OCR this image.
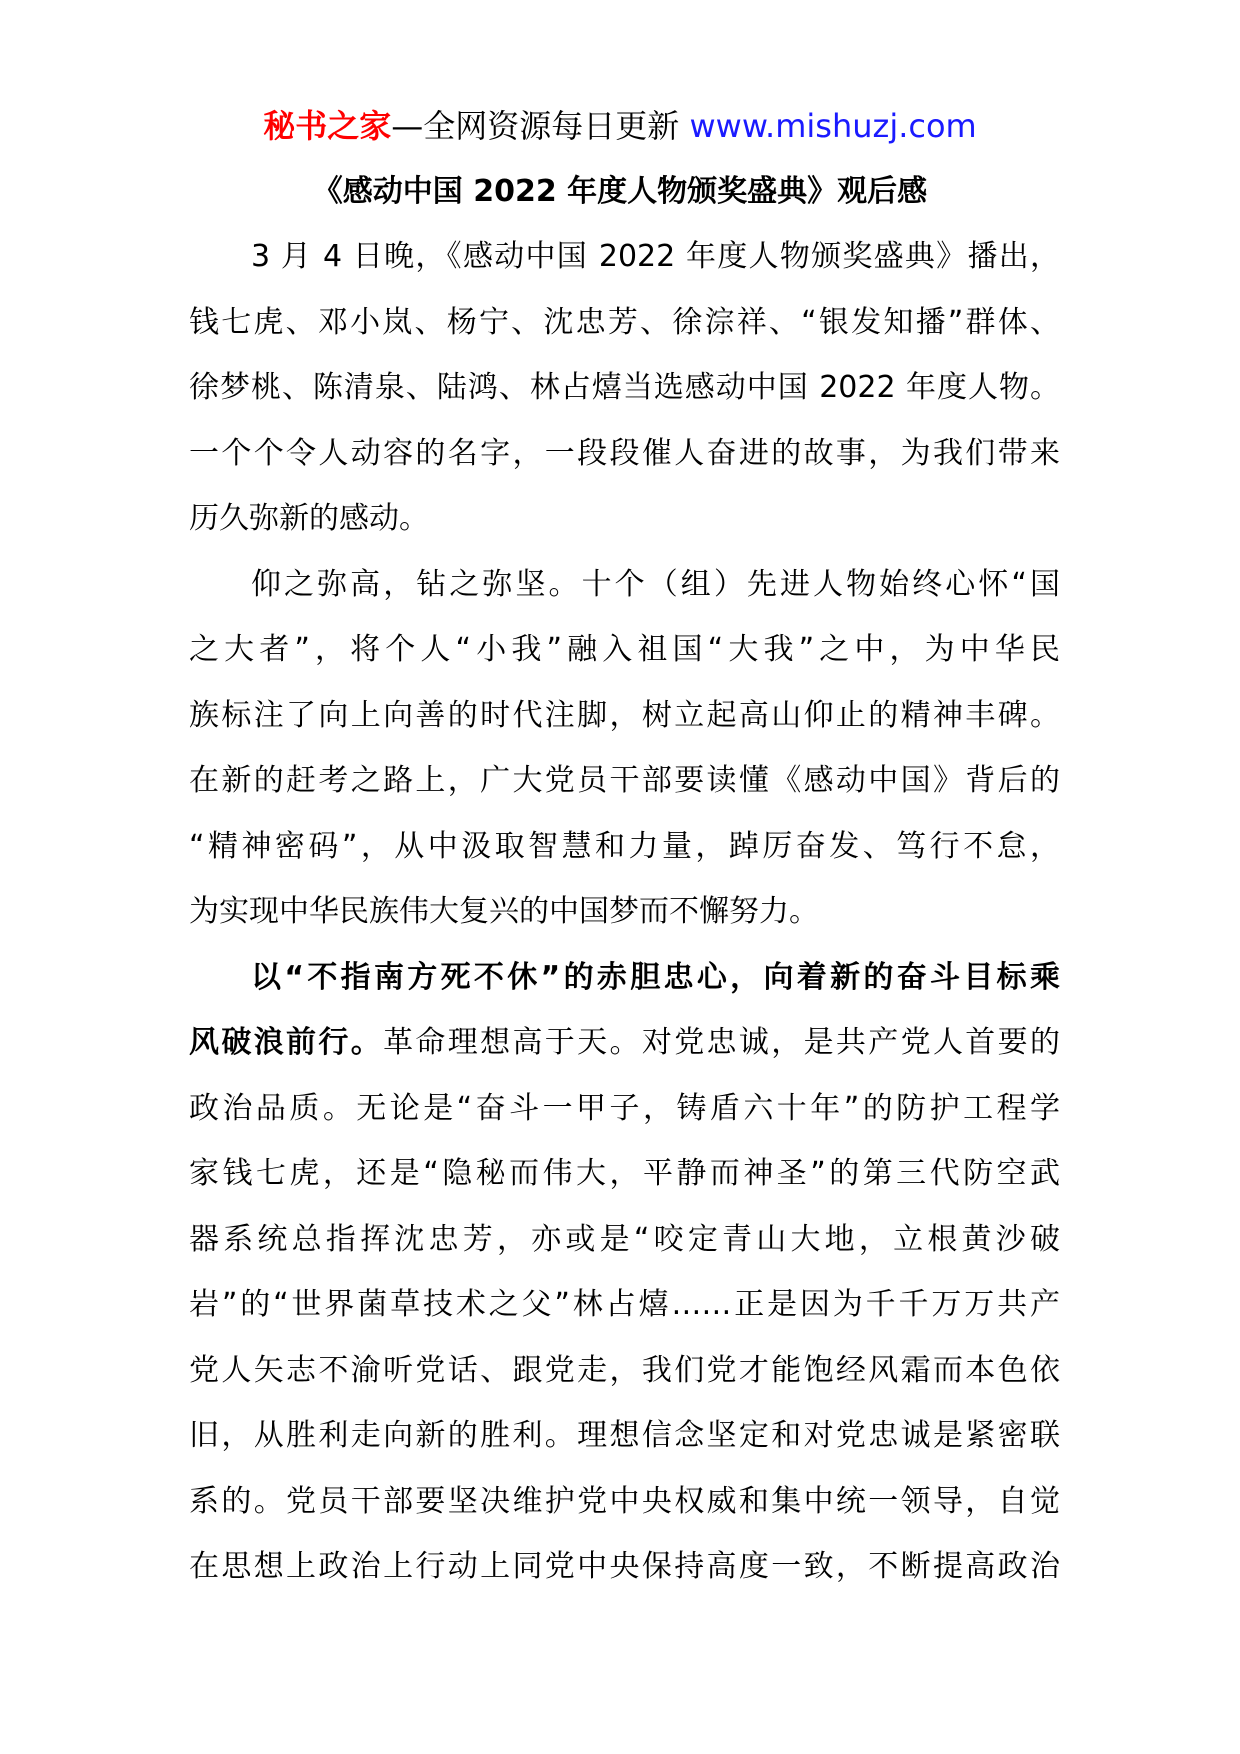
秘书之家—全网资源每日更新 www.mishuzj.com
《感动中国 2022 年度人物颁奖盛典》观后感
3 月 4 日晚，《感动中国 2022 年度人物颁奖盛典》播出，
钱七虎、邓小岚、杨宁、沈忠芳、徐淙祥、“银发知播”群体、
徐梦桃、陈清泉、陆鸿、林占熺当选感动中国 2022 年度人物。
一个个令人动容的名字，一段段催人奋进的故事，为我们带来
历久弥新的感动。
仰之弥高，钻之弥坚。十个（组）先进人物始终心怀“国
之大者”，将个人“小我”融入祖国“大我”之中，为中华民
族标注了向上向善的时代注脚，树立起高山仰止的精神丰碑。
在新的赶考之路上，广大党员干部要读懂《感动中国》背后的
“精神密码”，从中汲取智慧和力量，踔厉奋发、笃行不怠，
为实现中华民族伟大复兴的中国梦而不懈努力。
以“不指南方死不休”的赤胆忠心，向着新的奋斗目标乘
风破浪前行。革命理想高于天。对党忠诚，是共产党人首要的
政治品质。无论是“奋斗一甲子，铸盾六十年”的防护工程学
家钱七虎，还是“隐秘而伟大，平静而神圣”的第三代防空武
器系统总指挥沈忠芳，亦或是“咬定青山大地，立根黄沙破
岩”的“世界菌草技术之父”林占熺……正是因为千千万万共产
党人矢志不渝听党话、跟党走，我们党才能饱经风霜而本色依
旧，从胜利走向新的胜利。理想信念坚定和对党忠诚是紧密联
系的。党员干部要坚决维护党中央权威和集中统一领导，自觉
在思想上政治上行动上同党中央保持高度一致，不断提高政治
